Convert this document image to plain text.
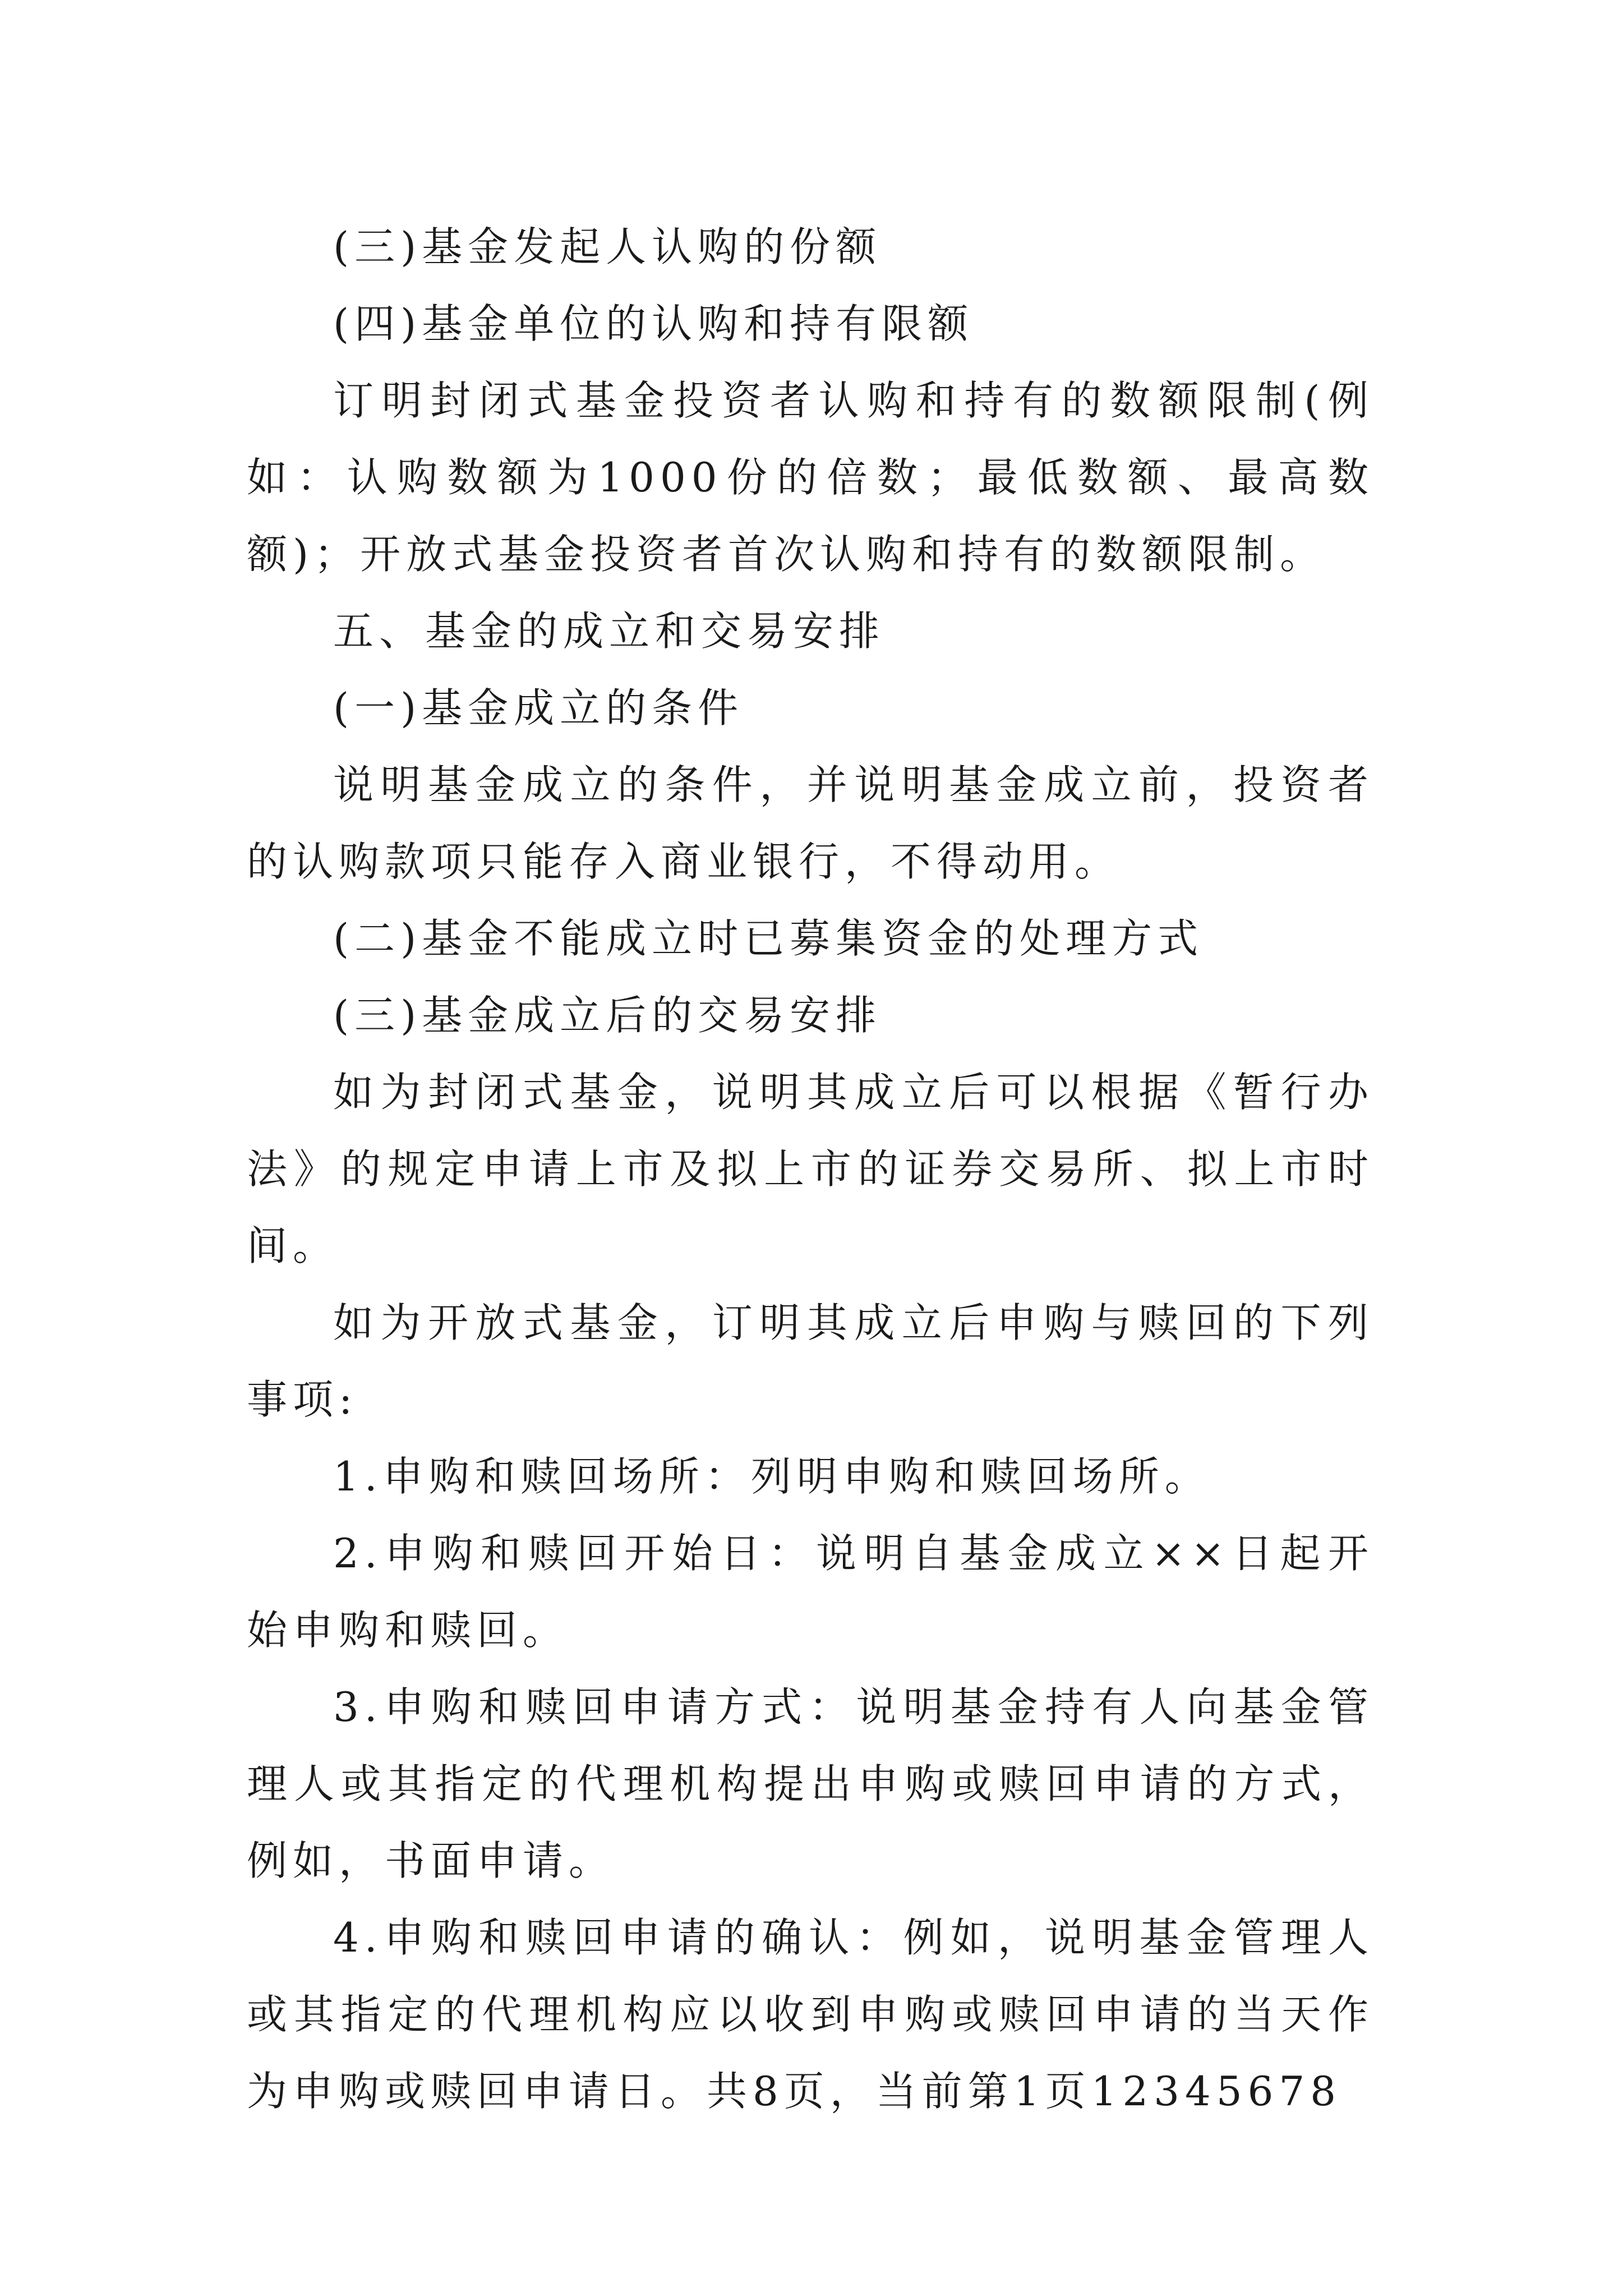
(三)基金发起人认购的份额

(四)基金单位的认购和持有限额

订明封闭式基金投资者认购和持有的数额限制(例如：认购数额为1000份的倍数；最低数额、最高数额)；开放式基金投资者首次认购和持有的数额限制。

五、基金的成立和交易安排

(一)基金成立的条件

说明基金成立的条件，并说明基金成立前，投资者的认购款项只能存入商业银行，不得动用。

(二)基金不能成立时已募集资金的处理方式

(三)基金成立后的交易安排

如为封闭式基金，说明其成立后可以根据《暂行办法》的规定申请上市及拟上市的证券交易所、拟上市时间。

如为开放式基金，订明其成立后申购与赎回的下列事项:

1.申购和赎回场所：列明申购和赎回场所。

2.申购和赎回开始日：说明自基金成立××日起开始申购和赎回。

3.申购和赎回申请方式：说明基金持有人向基金管理人或其指定的代理机构提出申购或赎回申请的方式，例如，书面申请。

4.申购和赎回申请的确认：例如，说明基金管理人或其指定的代理机构应以收到申购或赎回申请的当天作为申购或赎回申请日。共8页，当前第1页12345678
